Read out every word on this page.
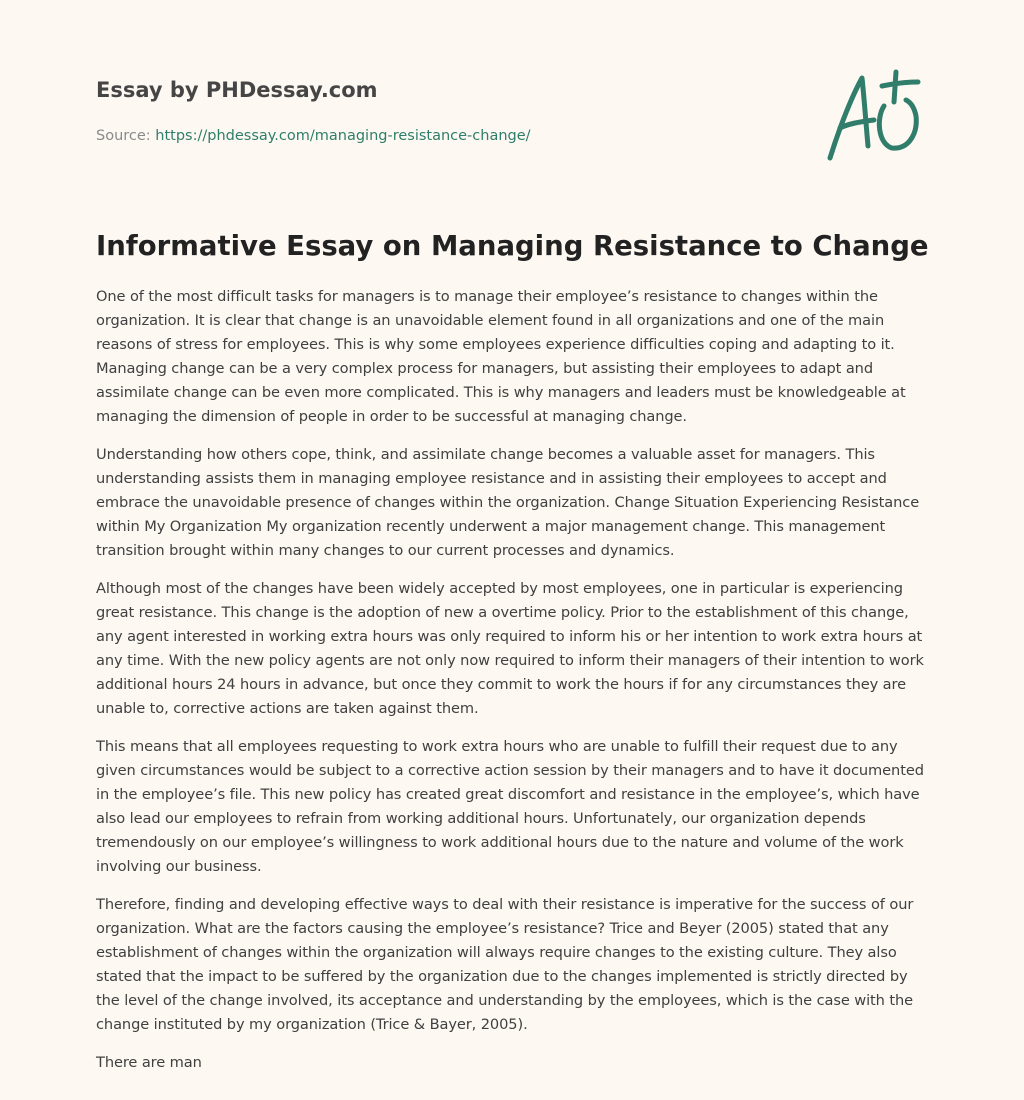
Essay by PHDessay.com
Source: https://phdessay.com/managing-resistance-change/
Informative Essay on Managing Resistance to Change

One of the most difficult tasks for managers is to manage their employee’s resistance to changes within the organization. It is clear that change is an unavoidable element found in all organizations and one of the main reasons of stress for employees. This is why some employees experience difficulties coping and adapting to it. Managing change can be a very complex process for managers, but assisting their employees to adapt and assimilate change can be even more complicated. This is why managers and leaders must be knowledgeable at managing the dimension of people in order to be successful at managing change.

Understanding how others cope, think, and assimilate change becomes a valuable asset for managers. This understanding assists them in managing employee resistance and in assisting their employees to accept and embrace the unavoidable presence of changes within the organization. Change Situation Experiencing Resistance within My Organization My organization recently underwent a major management change. This management transition brought within many changes to our current processes and dynamics.

Although most of the changes have been widely accepted by most employees, one in particular is experiencing great resistance. This change is the adoption of new a overtime policy. Prior to the establishment of this change, any agent interested in working extra hours was only required to inform his or her intention to work extra hours at any time. With the new policy agents are not only now required to inform their managers of their intention to work additional hours 24 hours in advance, but once they commit to work the hours if for any circumstances they are unable to, corrective actions are taken against them.

This means that all employees requesting to work extra hours who are unable to fulfill their request due to any given circumstances would be subject to a corrective action session by their managers and to have it documented in the employee’s file. This new policy has created great discomfort and resistance in the employee’s, which have also lead our employees to refrain from working additional hours. Unfortunately, our organization depends tremendously on our employee’s willingness to work additional hours due to the nature and volume of the work involving our business.

Therefore, finding and developing effective ways to deal with their resistance is imperative for the success of our organization. What are the factors causing the employee’s resistance? Trice and Beyer (2005) stated that any establishment of changes within the organization will always require changes to the existing culture. They also stated that the impact to be suffered by the organization due to the changes implemented is strictly directed by the level of the change involved, its acceptance and understanding by the employees, which is the case with the change instituted by my organization (Trice & Bayer, 2005).

There are man
